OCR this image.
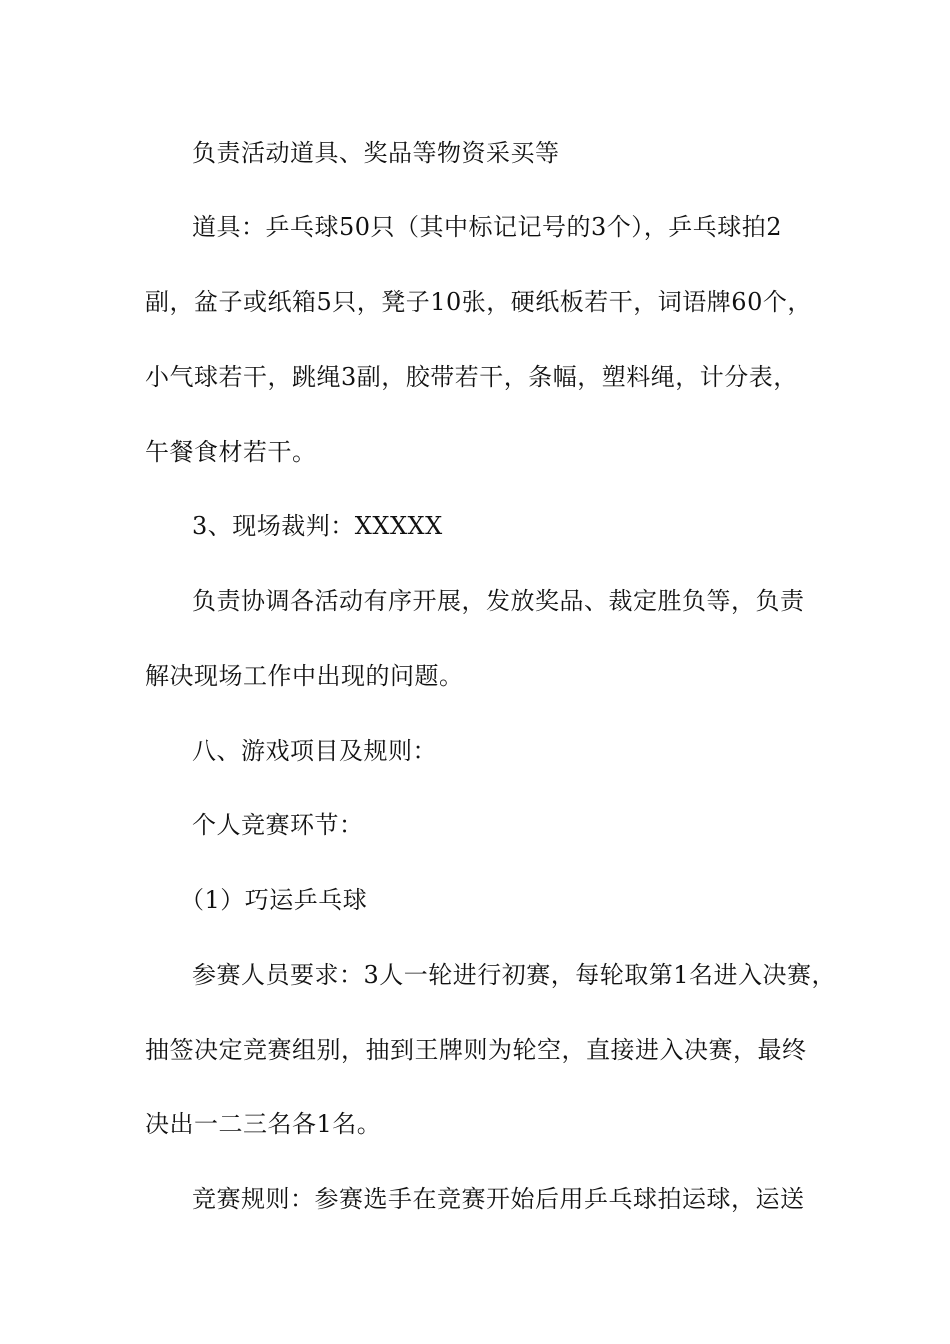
负责活动道具、奖品等物资采买等
道具：乒乓球50只（其中标记记号的3个），乒乓球拍2
副，盆子或纸箱5只，凳子10张，硬纸板若干，词语牌60个，
小气球若干，跳绳3副，胶带若干，条幅，塑料绳，计分表，
午餐食材若干。
3、现场裁判：XXXXX
负责协调各活动有序开展，发放奖品、裁定胜负等，负责
解决现场工作中出现的问题。
八、游戏项目及规则：
个人竞赛环节：
（1）巧运乒乓球
参赛人员要求：3人一轮进行初赛，每轮取第1名进入决赛，
抽签决定竞赛组别，抽到王牌则为轮空，直接进入决赛，最终
决出一二三名各1名。
竞赛规则：参赛选手在竞赛开始后用乒乓球拍运球，运送
